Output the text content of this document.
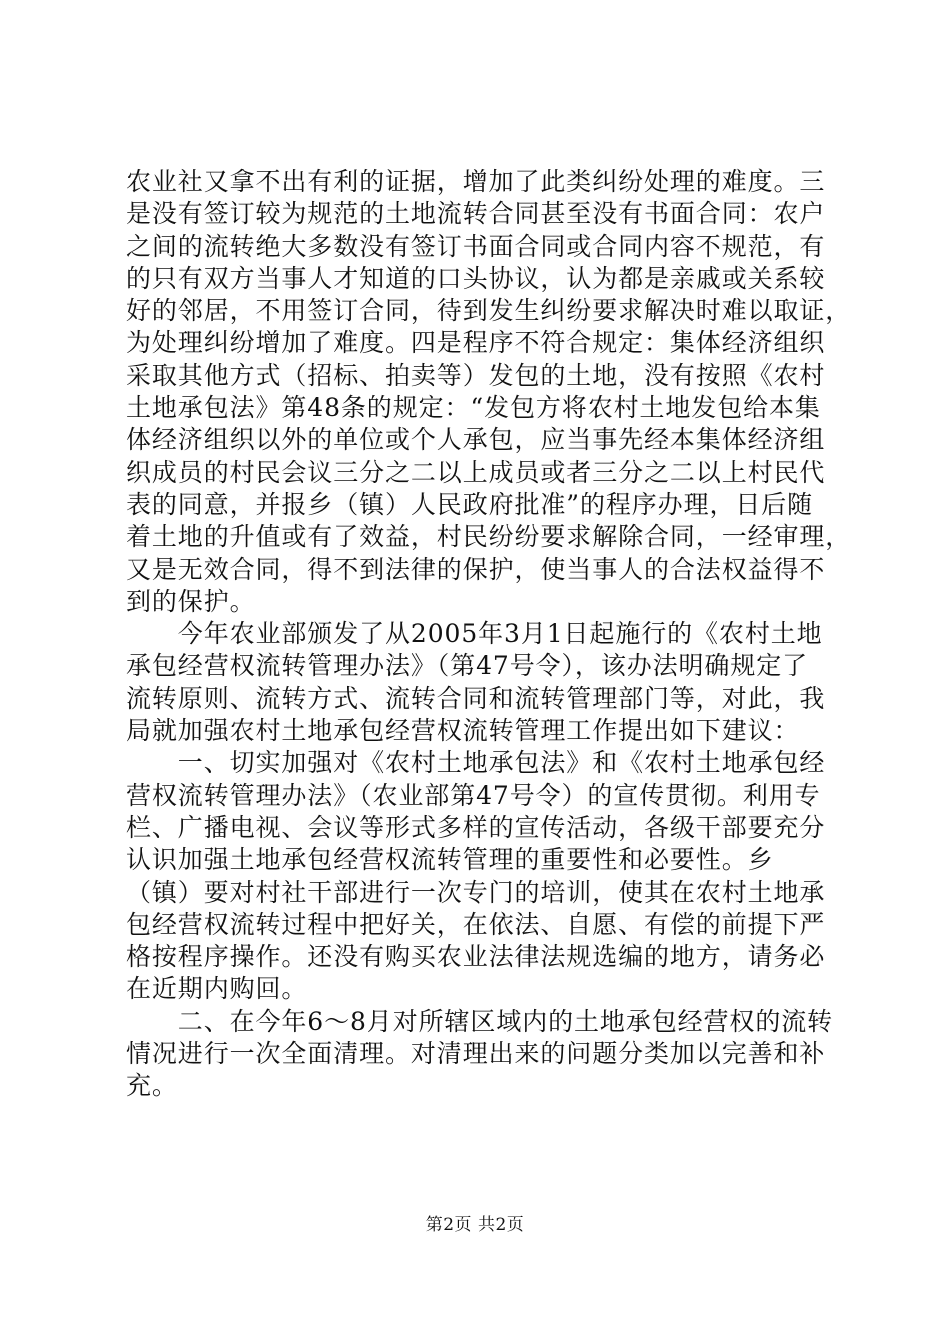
农业社又拿不出有利的证据，增加了此类纠纷处理的难度。三
是没有签订较为规范的土地流转合同甚至没有书面合同：农户
之间的流转绝大多数没有签订书面合同或合同内容不规范，有
的只有双方当事人才知道的口头协议，认为都是亲戚或关系较
好的邻居，不用签订合同，待到发生纠纷要求解决时难以取证，
为处理纠纷增加了难度。四是程序不符合规定：集体经济组织
采取其他方式（招标、拍卖等）发包的土地，没有按照《农村
土地承包法》第48条的规定：“发包方将农村土地发包给本集
体经济组织以外的单位或个人承包，应当事先经本集体经济组
织成员的村民会议三分之二以上成员或者三分之二以上村民代
表的同意，并报乡（镇）人民政府批准”的程序办理，日后随
着土地的升值或有了效益，村民纷纷要求解除合同，一经审理，
又是无效合同，得不到法律的保护，使当事人的合法权益得不
到的保护。
　　今年农业部颁发了从2005年3月1日起施行的《农村土地
承包经营权流转管理办法》（第47号令），该办法明确规定了
流转原则、流转方式、流转合同和流转管理部门等，对此，我
局就加强农村土地承包经营权流转管理工作提出如下建议：
　　一、切实加强对《农村土地承包法》和《农村土地承包经
营权流转管理办法》（农业部第47号令）的宣传贯彻。利用专
栏、广播电视、会议等形式多样的宣传活动，各级干部要充分
认识加强土地承包经营权流转管理的重要性和必要性。乡
（镇）要对村社干部进行一次专门的培训，使其在农村土地承
包经营权流转过程中把好关，在依法、自愿、有偿的前提下严
格按程序操作。还没有购买农业法律法规选编的地方，请务必
在近期内购回。
　　二、在今年6～8月对所辖区域内的土地承包经营权的流转
情况进行一次全面清理。对清理出来的问题分类加以完善和补
充。
第2页 共2页
